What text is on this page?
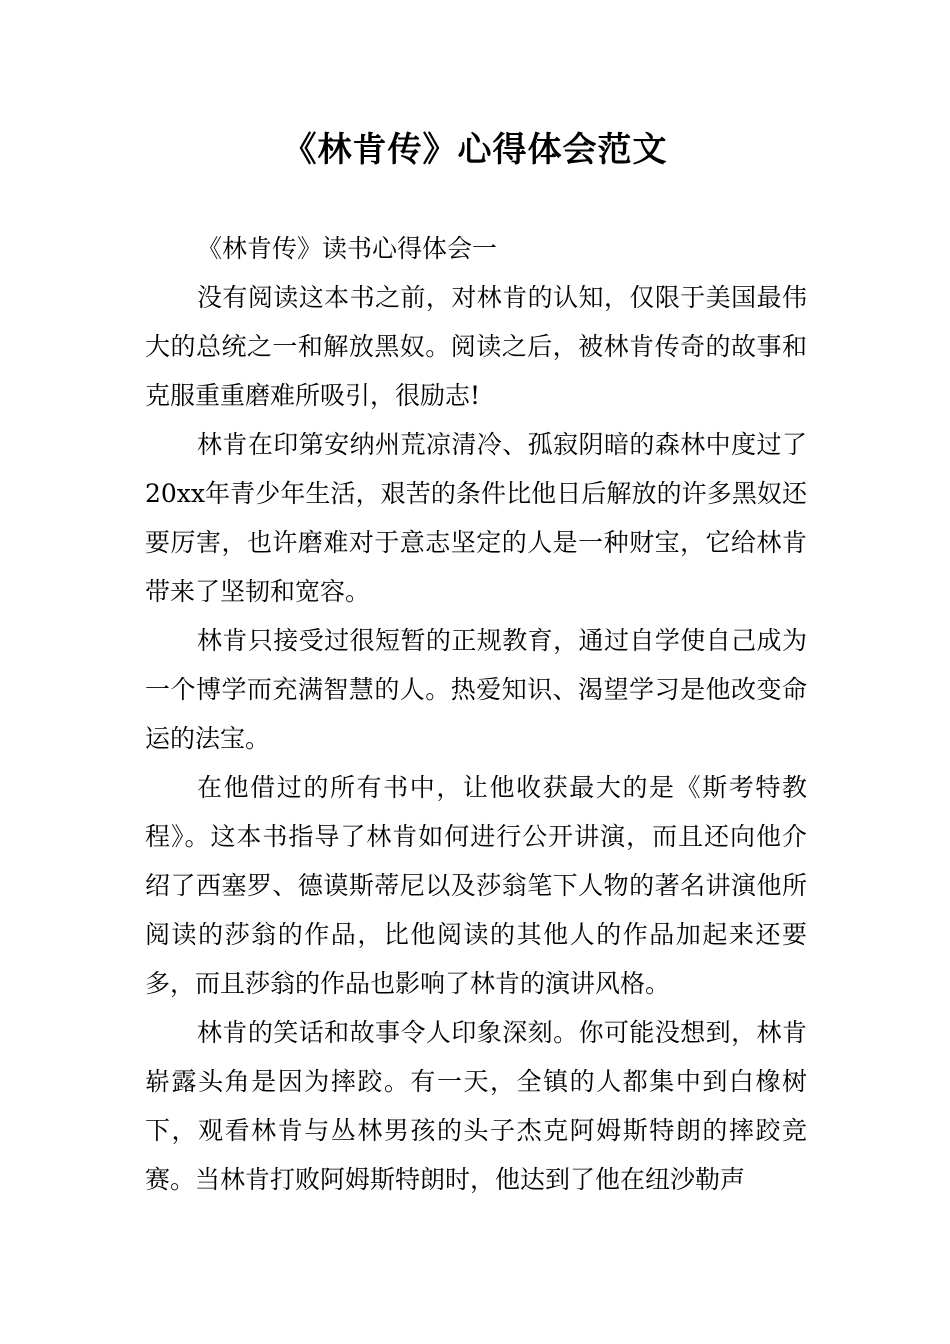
《林肯传》心得体会范文

《林肯传》读书心得体会一

没有阅读这本书之前，对林肯的认知，仅限于美国最伟大的总统之一和解放黑奴。阅读之后，被林肯传奇的故事和克服重重磨难所吸引，很励志!

林肯在印第安纳州荒凉清冷、孤寂阴暗的森林中度过了20xx年青少年生活，艰苦的条件比他日后解放的许多黑奴还要厉害，也许磨难对于意志坚定的人是一种财宝，它给林肯带来了坚韧和宽容。

林肯只接受过很短暂的正规教育，通过自学使自己成为一个博学而充满智慧的人。热爱知识、渴望学习是他改变命运的法宝。

在他借过的所有书中，让他收获最大的是《斯考特教程》。这本书指导了林肯如何进行公开讲演，而且还向他介绍了西塞罗、德谟斯蒂尼以及莎翁笔下人物的著名讲演他所阅读的莎翁的作品，比他阅读的其他人的作品加起来还要多，而且莎翁的作品也影响了林肯的演讲风格。

林肯的笑话和故事令人印象深刻。你可能没想到，林肯崭露头角是因为摔跤。有一天，全镇的人都集中到白橡树下，观看林肯与丛林男孩的头子杰克阿姆斯特朗的摔跤竞赛。当林肯打败阿姆斯特朗时，他达到了他在纽沙勒声
